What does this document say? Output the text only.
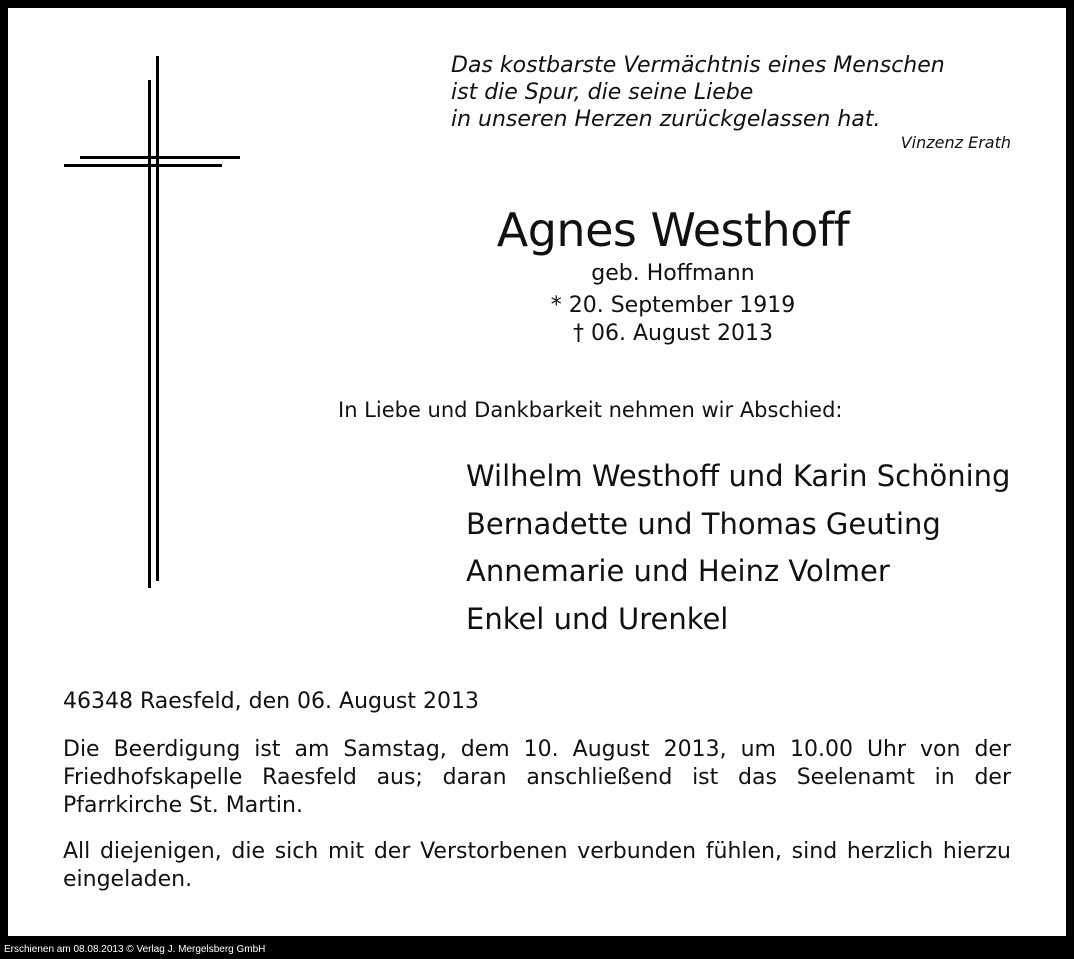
Das kostbarste Vermächtnis eines Menschen
ist die Spur, die seine Liebe
in unseren Herzen zurückgelassen hat.
Vinzenz Erath
Agnes Westhoff
geb. Hoffmann
* 20. September 1919
† 06. August 2013
In Liebe und Dankbarkeit nehmen wir Abschied:
Wilhelm Westhoff und Karin Schöning
Bernadette und Thomas Geuting
Annemarie und Heinz Volmer
Enkel und Urenkel
46348 Raesfeld, den 06. August 2013
Die Beerdigung ist am Samstag, dem 10. August 2013, um 10.00 Uhr von der Friedhofskapelle Raesfeld aus; daran anschließend ist das Seelenamt in der Pfarrkirche St. Martin.
All diejenigen, die sich mit der Verstorbenen verbunden fühlen, sind herzlich hierzu eingeladen.
Erschienen am 08.08.2013 © Verlag J. Mergelsberg GmbH
